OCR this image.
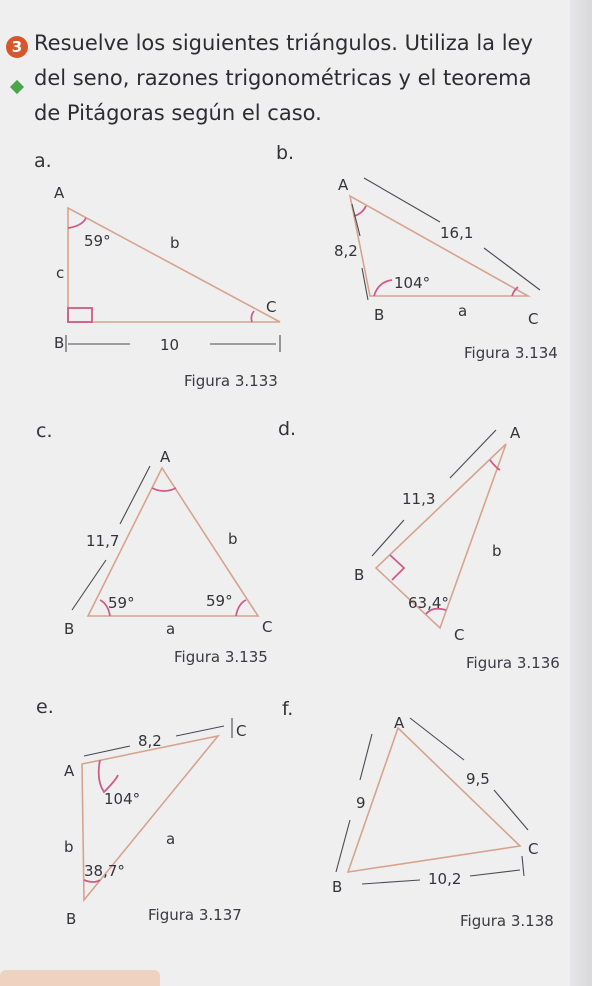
3 Resuelve los siguientes triángulos. Utiliza la ley del seno, razones trigonométricas y el teorema de Pitágoras según el caso.
a.
A
59°	b
c
C
B	10
Figura 3.133
b.
A
16,1
8,2
104°
B	a	C
Figura 3.134
c.
A
11,7	b
59°	59°
B	a	C
Figura 3.135
d.	A
11,3
b
B
63,4°
C
Figura 3.136
e.
8,2
C
A
104°
b	a
38,7°
B	Figura 3.137
f.
A
9,5
9
C
10,2
B
Figura 3.138
